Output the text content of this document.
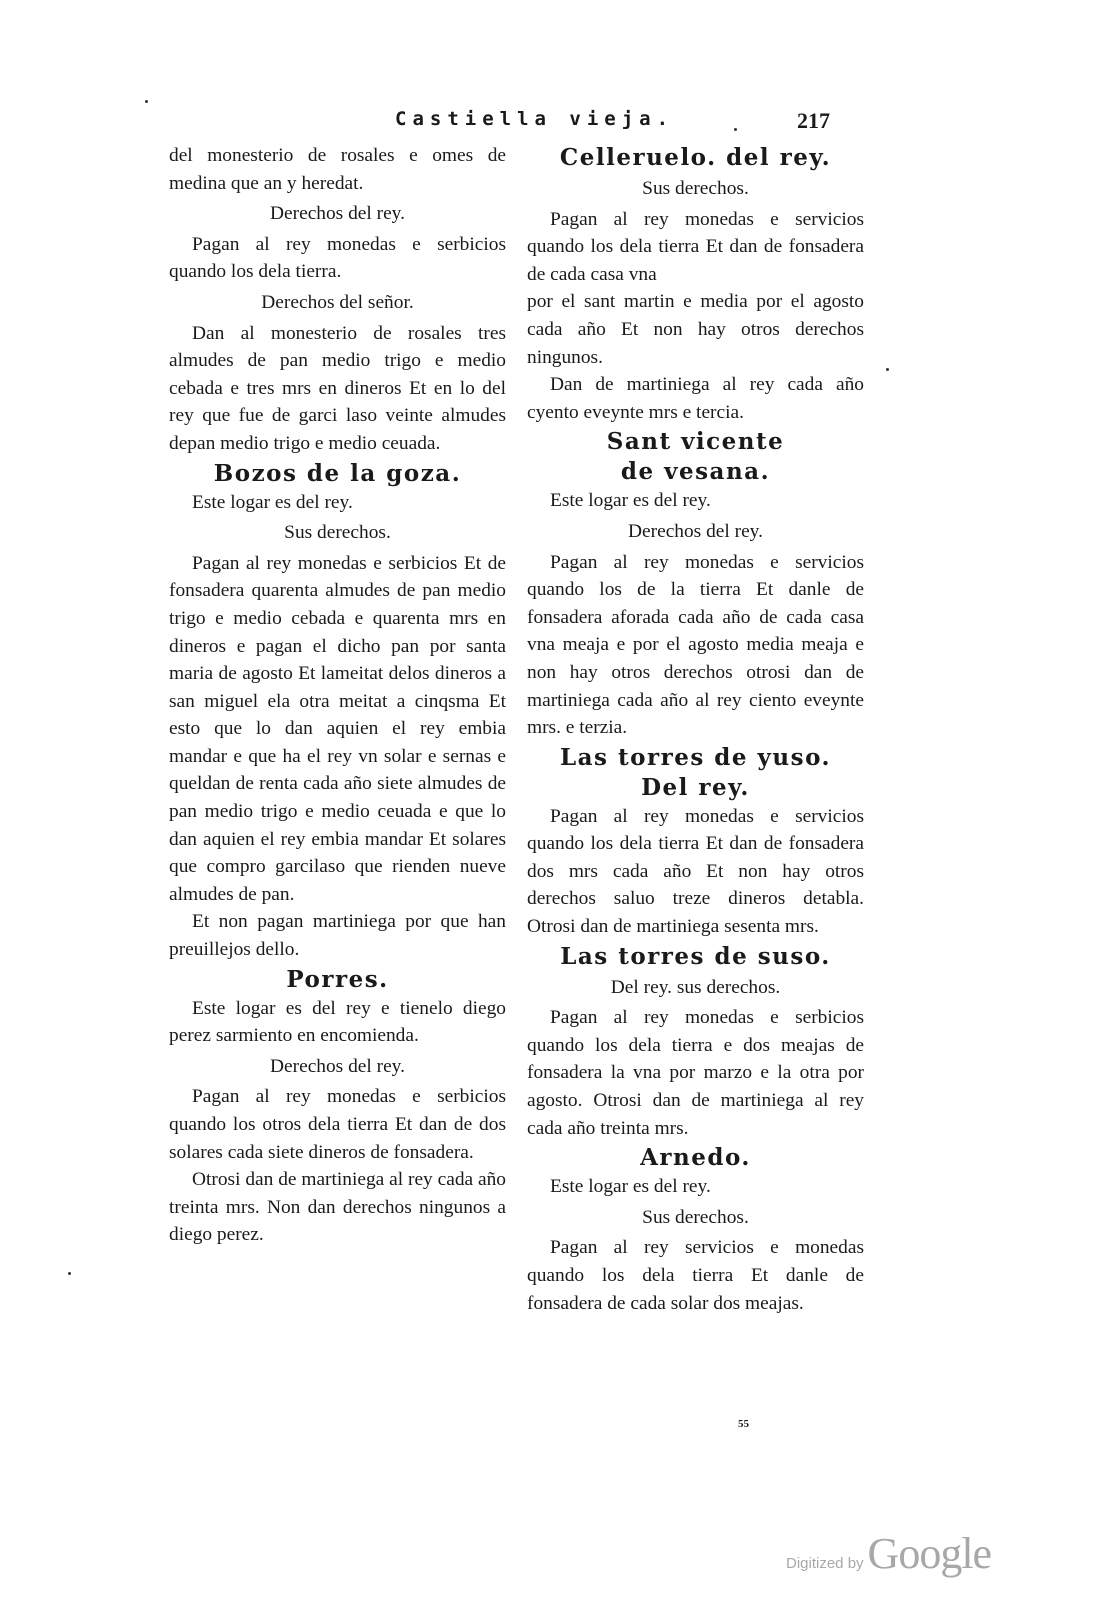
Castiella vieja.	217

del monesterio de rosales e omes de medina que an y heredat.

Derechos del rey.

Pagan al rey monedas e serbicios quando los dela tierra.

Derechos del señor.

Dan al monesterio de rosales tres almudes de pan medio trigo e medio cebada e tres mrs en dineros Et en lo del rey que fue de garci laso veinte almudes depan medio trigo e medio ceuada.

Bozos de la goza.

Este logar es del rey.

Sus derechos.

Pagan al rey monedas e serbicios Et de fonsadera quarenta almudes de pan medio trigo e medio cebada e quarenta mrs en dineros e pagan el dicho pan por santa maria de agosto Et lameitat delos dineros a san miguel ela otra meitat a cinqsma Et esto que lo dan aquien el rey embia mandar e que ha el rey vn solar e sernas e queldan de renta cada año siete almudes de pan medio trigo e medio ceuada e que lo dan aquien el rey embia mandar Et solares que compro garcilaso que rienden nueve almudes de pan.

Et non pagan martiniega por que han preuillejos dello.

Porres.

Este logar es del rey e tienelo diego perez sarmiento en encomienda.

Derechos del rey.

Pagan al rey monedas e serbicios quando los otros dela tierra Et dan de dos solares cada siete dineros de fonsadera.

Otrosi dan de martiniega al rey cada año treinta mrs. Non dan derechos ningunos a diego perez.

Celleruelo. del rey.
Sus derechos.

Pagan al rey monedas e servicios quando los dela tierra Et dan de fonsadera de cada casa vna

por el sant martin e media por el agosto cada año Et non hay otros derechos ningunos.

Dan de martiniega al rey cada año cyento eveynte mrs e tercia.

Sant vicente
de vesana.

Este logar es del rey.

Derechos del rey.

Pagan al rey monedas e servicios quando los de la tierra Et danle de fonsadera aforada cada año de cada casa vna meaja e por el agosto media meaja e non hay otros derechos otrosi dan de martiniega cada año al rey ciento eveynte mrs. e terzia.

Las torres de yuso.
Del rey.

Pagan al rey monedas e servicios quando los dela tierra Et dan de fonsadera dos mrs cada año Et non hay otros derechos saluo treze dineros detabla. Otrosi dan de martiniega sesenta mrs.

Las torres de suso.
Del rey. sus derechos.

Pagan al rey monedas e serbicios quando los dela tierra e dos meajas de fonsadera la vna por marzo e la otra por agosto. Otrosi dan de martiniega al rey cada año treinta mrs.

Arnedo.

Este logar es del rey.

Sus derechos.

Pagan al rey servicios e monedas quando los dela tierra Et danle de fonsadera de cada solar dos meajas.

55
Digitized by Google
